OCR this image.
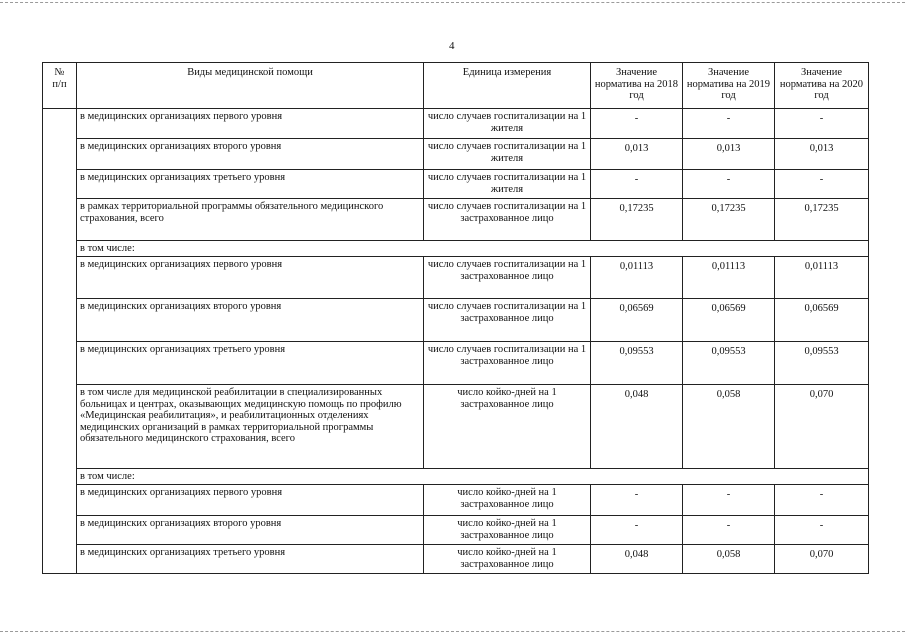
4
№
п/п	Виды медицинской помощи	Единица измерения	Значение норматива на 2018 год	Значение норматива на 2019 год	Значение норматива на 2020 год
	в медицинских организациях первого уровня	число случаев госпитализации на 1 жителя	-	-	-
	в медицинских организациях второго уровня	число случаев госпитализации на 1 жителя	0,013	0,013	0,013
	в медицинских организациях третьего уровня	число случаев госпитализации на 1 жителя	-	-	-
	в рамках территориальной программы обязательного медицинского страхования, всего	число случаев госпитализации на 1 застрахованное лицо	0,17235	0,17235	0,17235
	в том числе:				
	в медицинских организациях первого уровня	число случаев госпитализации на 1 застрахованное лицо	0,01113	0,01113	0,01113
	в медицинских организациях второго уровня	число случаев госпитализации на 1 застрахованное лицо	0,06569	0,06569	0,06569
	в медицинских организациях третьего уровня	число случаев госпитализации на 1 застрахованное лицо	0,09553	0,09553	0,09553
	в том числе для медицинской реабилитации в специализированных больницах и центрах, оказывающих медицинскую помощь по профилю «Медицинская реабилитация», и реабилитационных отделениях медицинских организаций в рамках территориальной программы обязательного медицинского страхования, всего	число койко-дней на 1 застрахованное лицо	0,048	0,058	0,070
	в том числе:				
	в медицинских организациях первого уровня	число койко-дней на 1 застрахованное лицо	-	-	-
	в медицинских организациях второго уровня	число койко-дней на 1 застрахованное лицо	-	-	-
	в медицинских организациях третьего уровня	число койко-дней на 1 застрахованное лицо	0,048	0,058	0,070
